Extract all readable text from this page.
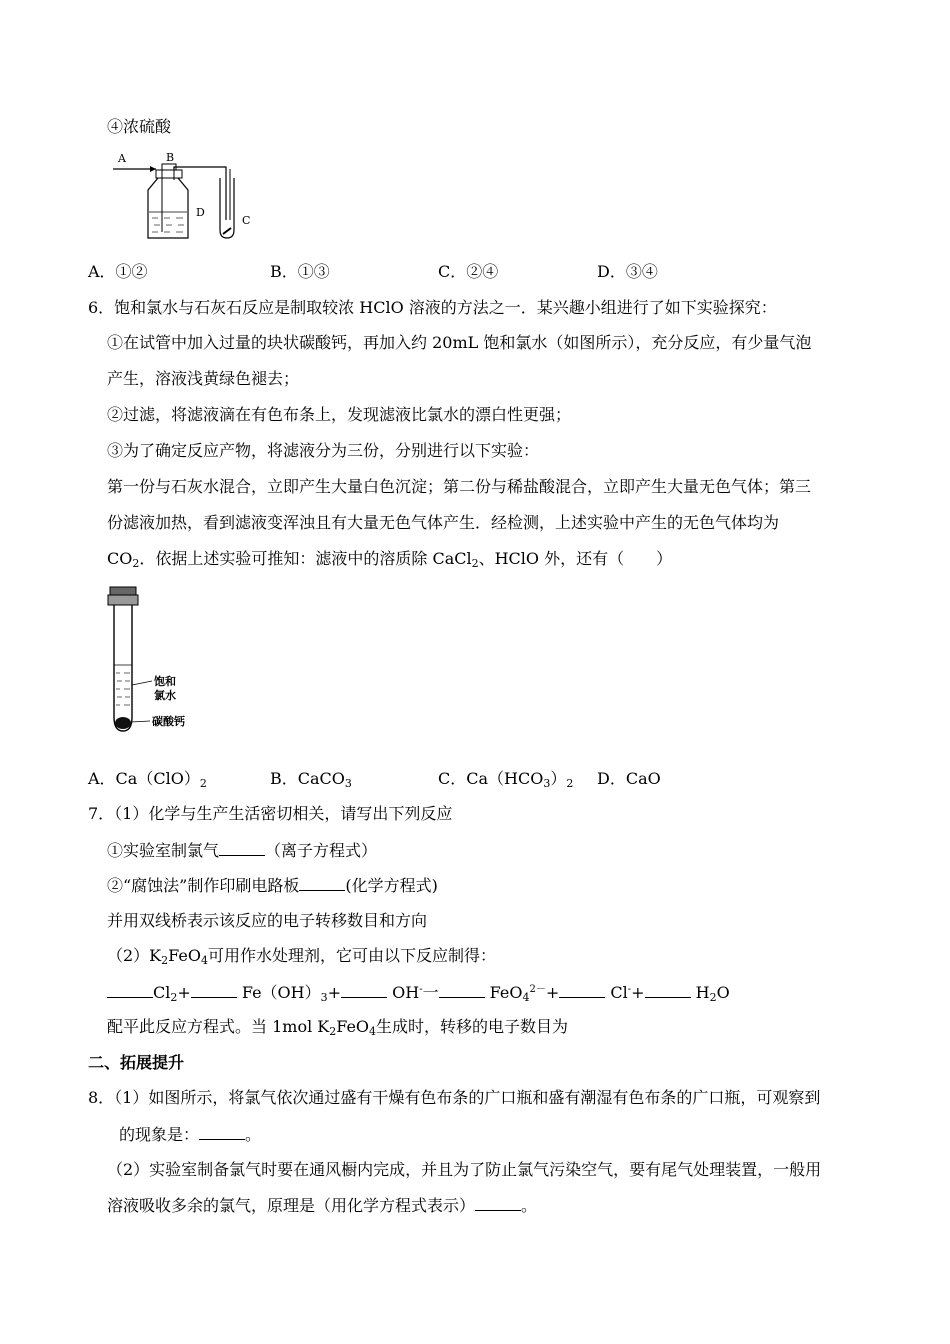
④浓硫酸
A	B
D
C
A．①②	B．①③	C．②④	D．③④
6．饱和氯水与石灰石反应是制取较浓 HClO 溶液的方法之一．某兴趣小组进行了如下实验探究：
①在试管中加入过量的块状碳酸钙，再加入约 20mL 饱和氯水（如图所示），充分反应，有少量气泡
产生，溶液浅黄绿色褪去；
②过滤，将滤液滴在有色布条上，发现滤液比氯水的漂白性更强；
③为了确定反应产物，将滤液分为三份，分别进行以下实验：
第一份与石灰水混合，立即产生大量白色沉淀；第二份与稀盐酸混合，立即产生大量无色气体；第三
份滤液加热，看到滤液变浑浊且有大量无色气体产生．经检测，上述实验中产生的无色气体均为
$CO_2$．依据上述实验可推知：滤液中的溶质除 CaCl$_2$、HClO 外，还有（　　）
饱和
氯水
碳酸钙
A．$Ca(ClO)_2$	B．CaCO$_3$	C．$Ca(HCO_3)_2$ D．CaO
7．（1）化学与生产生活密切相关，请写出下列反应
①实验室制氯气	（离子方程式）
②“腐蚀法”制作印刷电路板	(化学方程式)
并用双线桥表示该反应的电子转移数目和方向
$(2)K_2FeO_4$可用作水处理剂，它可由以下反应制得：
$Cl_2+$	$Fe(OH)_3+$	OH-一	FeO$_4^{2-}$+	Cl-+	$H_2O$
配平此反应方程式。当 1mol $K_2FeO_4$生成时，转移的电子数目为
二、拓展提升
8．（1）如图所示，将氯气依次通过盛有干燥有色布条的广口瓶和盛有潮湿有色布条的广口瓶，可观察到
的现象是：	。
（2）实验室制备氯气时要在通风橱内完成，并且为了防止氯气污染空气，要有尾气处理装置，一般用
溶液吸收多余的氯气，原理是（用化学方程式表示）	。
